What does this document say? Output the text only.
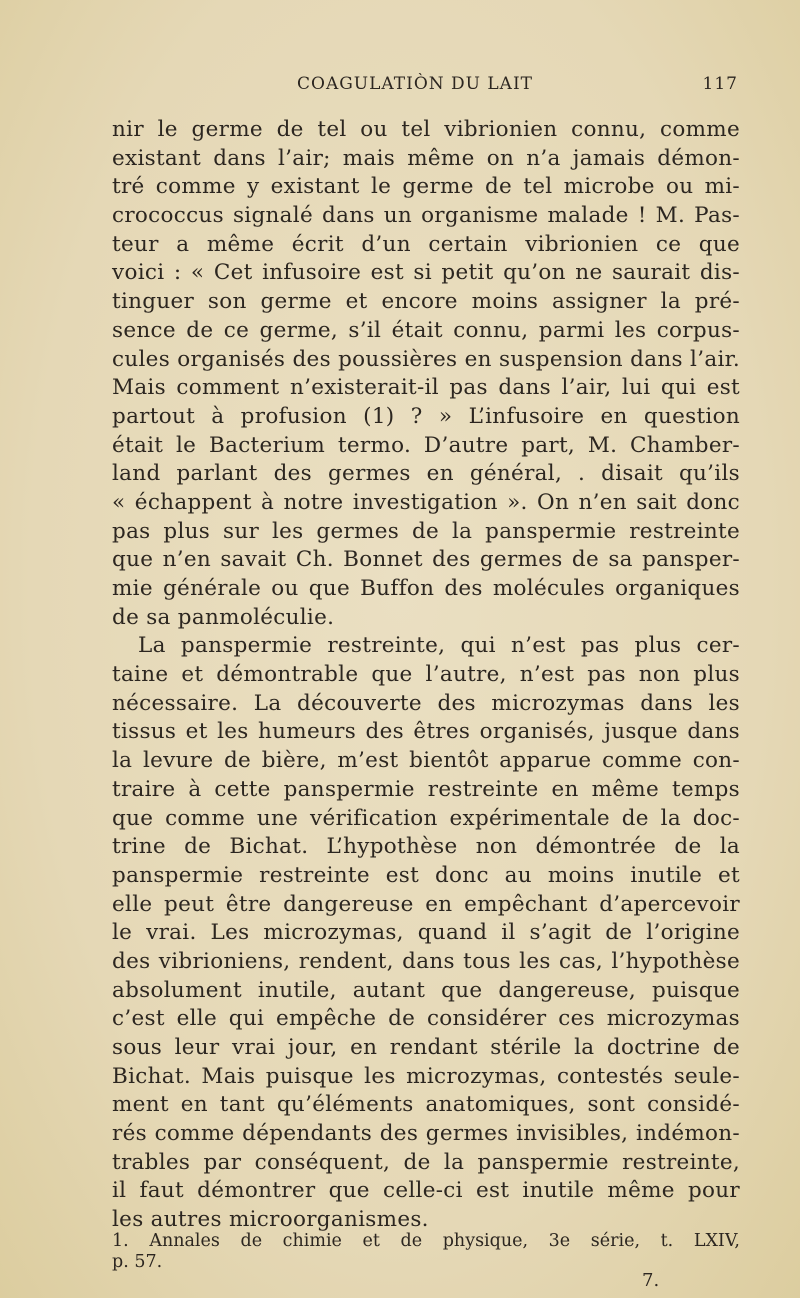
COAGULATIÒN DU LAIT	117
nir le germe de tel ou tel vibrionien connu, comme
existant dans l’air; mais même on n’a jamais démon-
tré comme y existant le germe de tel microbe ou mi-
crococcus signalé dans un organisme malade ! M. Pas-
teur a même écrit d’un certain vibrionien ce que
voici : « Cet infusoire est si petit qu’on ne saurait dis-
tinguer son germe et encore moins assigner la pré-
sence de ce germe, s’il était connu, parmi les corpus-
cules organisés des poussières en suspension dans l’air.
Mais comment n’existerait-il pas dans l’air, lui qui est
partout à profusion (1) ? » L’infusoire en question
était le Bacterium termo. D’autre part, M. Chamber-
land parlant des germes en général, . disait qu’ils
« échappent à notre investigation ». On n’en sait donc
pas plus sur les germes de la panspermie restreinte
que n’en savait Ch. Bonnet des germes de sa pansper-
mie générale ou que Buffon des molécules organiques
de sa panmoléculie.
La panspermie restreinte, qui n’est pas plus cer-
taine et démontrable que l’autre, n’est pas non plus
nécessaire. La découverte des microzymas dans les
tissus et les humeurs des êtres organisés, jusque dans
la levure de bière, m’est bientôt apparue comme con-
traire à cette panspermie restreinte en même temps
que comme une vérification expérimentale de la doc-
trine de Bichat. L’hypothèse non démontrée de la
panspermie restreinte est donc au moins inutile et
elle peut être dangereuse en empêchant d’apercevoir
le vrai. Les microzymas, quand il s’agit de l’origine
des vibrioniens, rendent, dans tous les cas, l’hypothèse
absolument inutile, autant que dangereuse, puisque
c’est elle qui empêche de considérer ces microzymas
sous leur vrai jour, en rendant stérile la doctrine de
Bichat. Mais puisque les microzymas, contestés seule-
ment en tant qu’éléments anatomiques, sont considé-
rés comme dépendants des germes invisibles, indémon-
trables par conséquent, de la panspermie restreinte,
il faut démontrer que celle-ci est inutile même pour
les autres microorganismes.
1. Annales de chimie et de physique, 3e série, t. LXIV,
p. 57.
7.
